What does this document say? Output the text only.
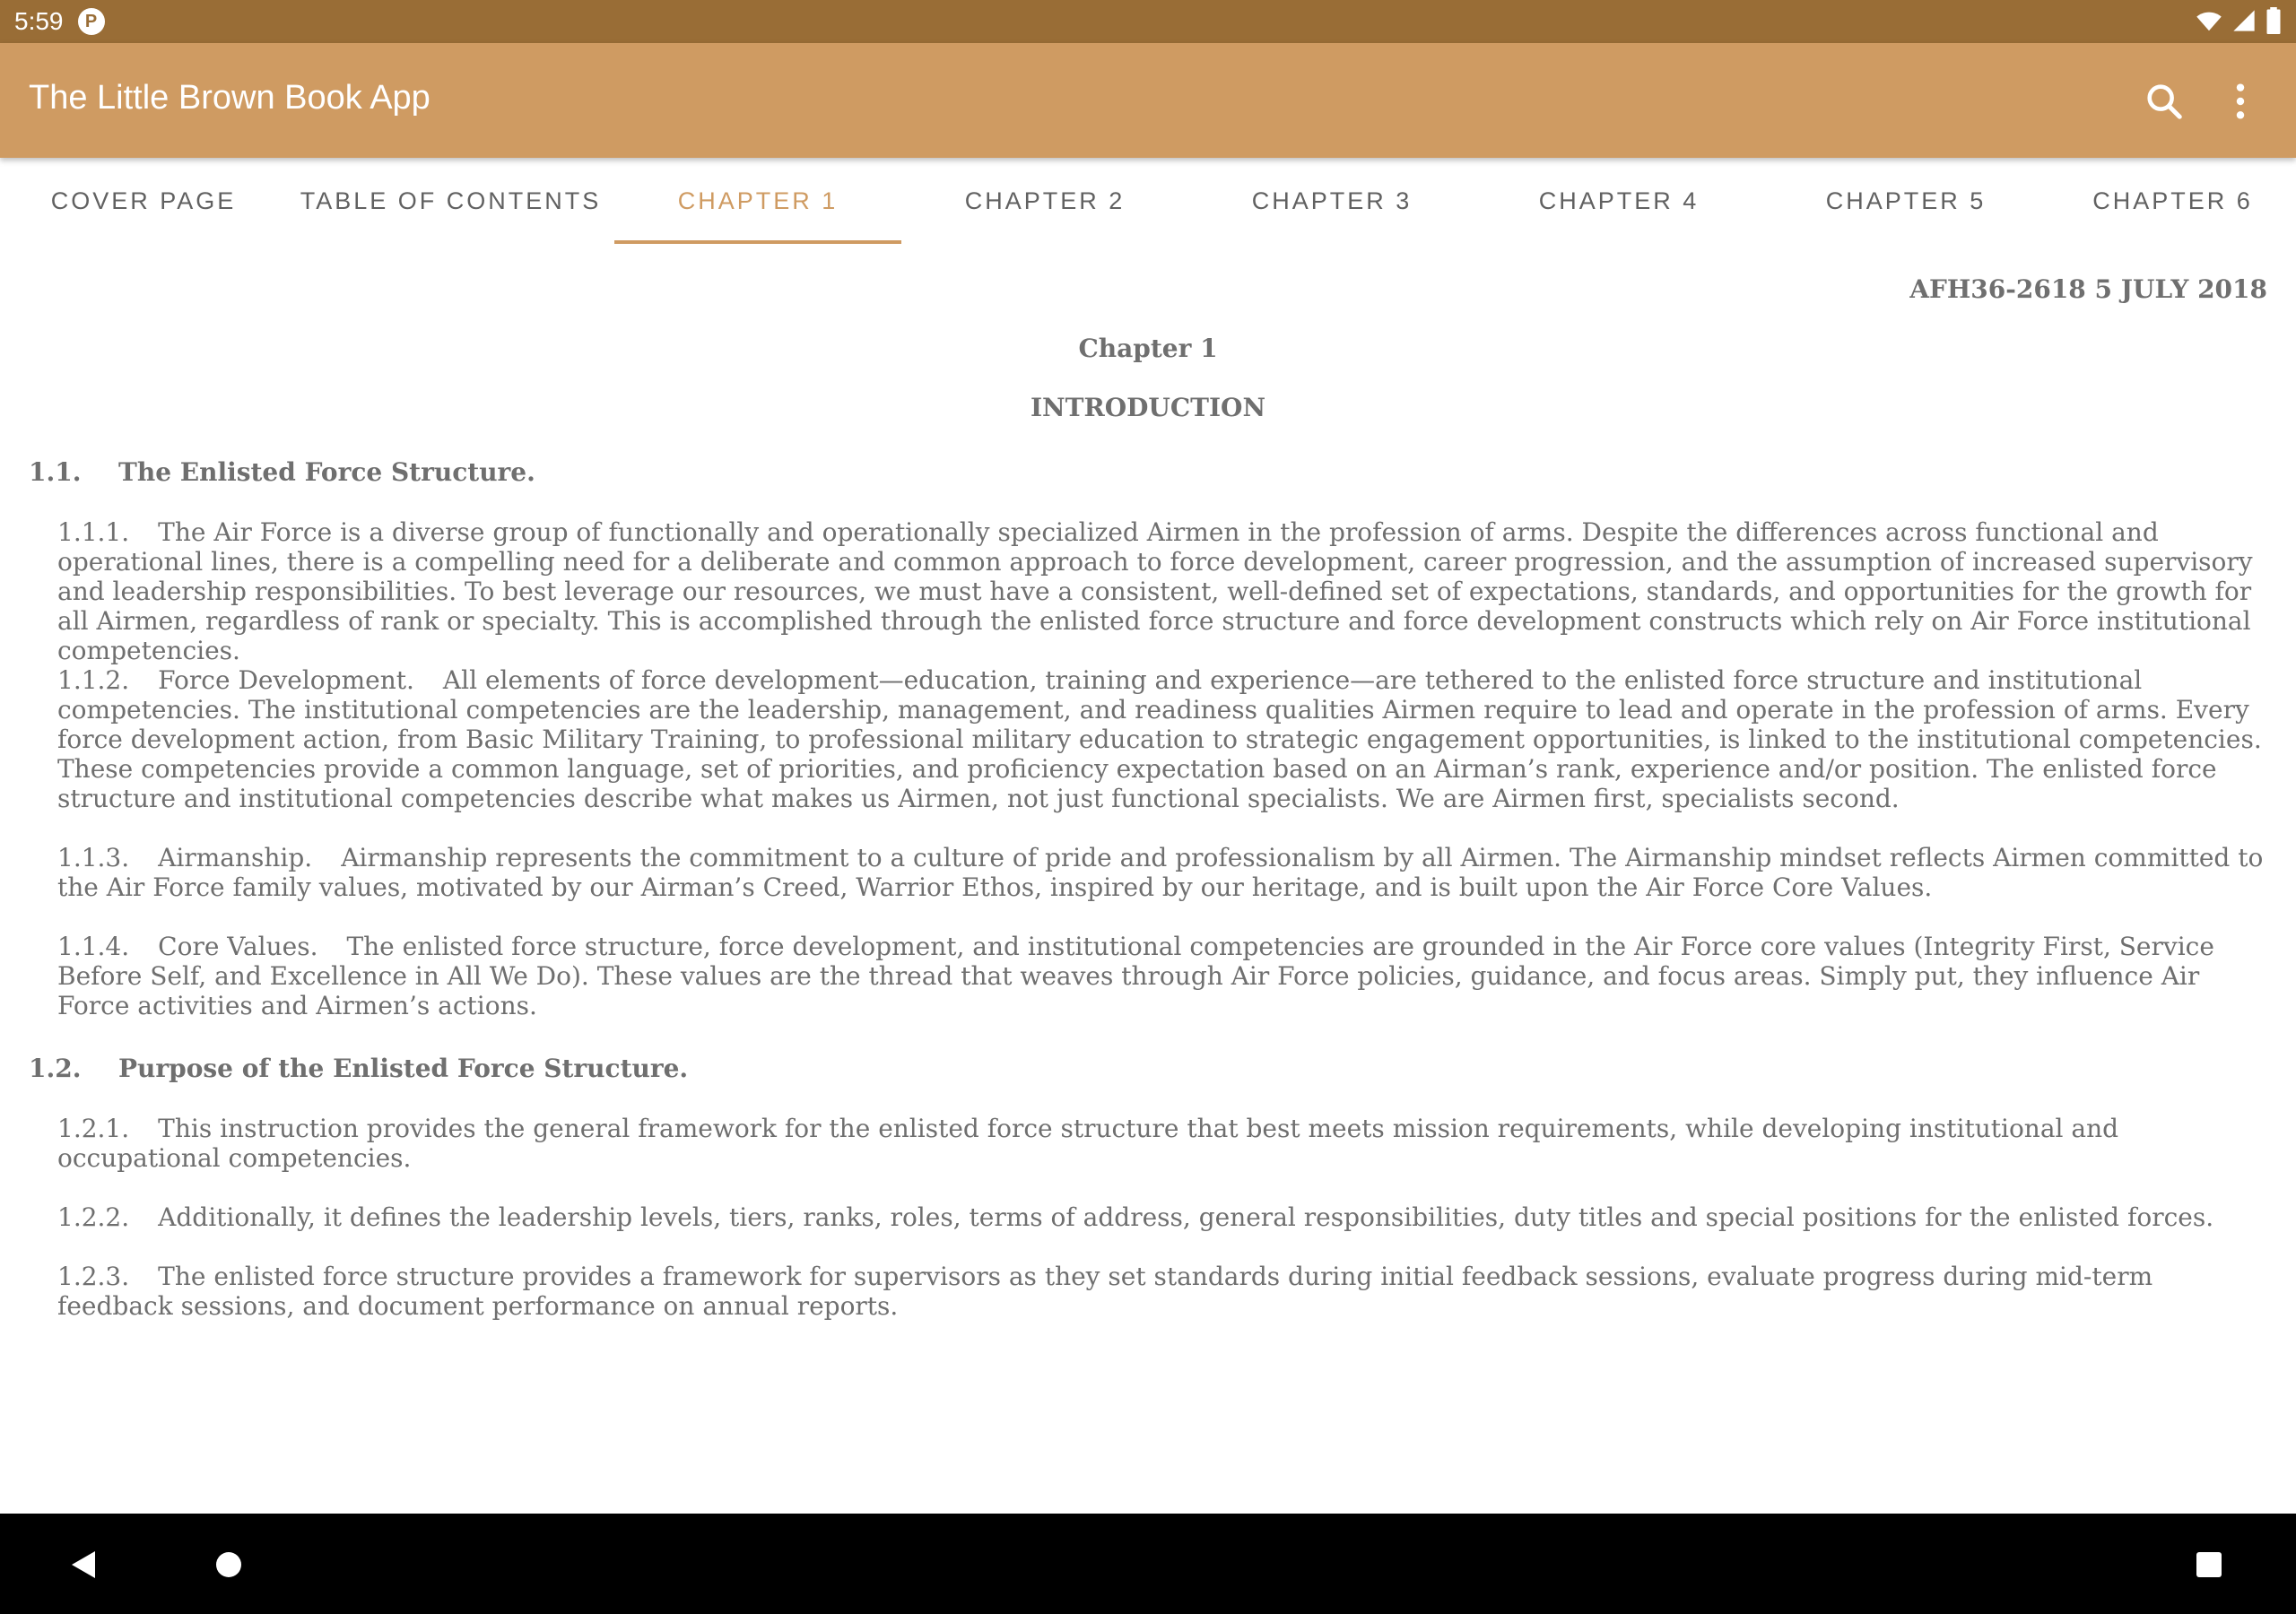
5:59	P
The Little Brown Book App
COVER PAGE	TABLE OF CONTENTS	CHAPTER 1	CHAPTER 2	CHAPTER 3	CHAPTER 4	CHAPTER 5	CHAPTER 6
AFH36-2618 5 JULY 2018
Chapter 1
INTRODUCTION
1.1. The Enlisted Force Structure.
1.1.1. The Air Force is a diverse group of functionally and operationally specialized Airmen in the profession of arms. Despite the differences across functional and operational lines, there is a compelling need for a deliberate and common approach to force development, career progression, and the assumption of increased supervisory and leadership responsibilities. To best leverage our resources, we must have a consistent, well-defined set of expectations, standards, and opportunities for the growth for all Airmen, regardless of rank or specialty. This is accomplished through the enlisted force structure and force development constructs which rely on Air Force institutional competencies.
1.1.2. Force Development. All elements of force development—education, training and experience—are tethered to the enlisted force structure and institutional competencies. The institutional competencies are the leadership, management, and readiness qualities Airmen require to lead and operate in the profession of arms. Every force development action, from Basic Military Training, to professional military education to strategic engagement opportunities, is linked to the institutional competencies. These competencies provide a common language, set of priorities, and proficiency expectation based on an Airman’s rank, experience and/or position. The enlisted force structure and institutional competencies describe what makes us Airmen, not just functional specialists. We are Airmen first, specialists second.
1.1.3. Airmanship. Airmanship represents the commitment to a culture of pride and professionalism by all Airmen. The Airmanship mindset reflects Airmen committed to the Air Force family values, motivated by our Airman’s Creed, Warrior Ethos, inspired by our heritage, and is built upon the Air Force Core Values.
1.1.4. Core Values. The enlisted force structure, force development, and institutional competencies are grounded in the Air Force core values (Integrity First, Service Before Self, and Excellence in All We Do). These values are the thread that weaves through Air Force policies, guidance, and focus areas. Simply put, they influence Air Force activities and Airmen’s actions.
1.2. Purpose of the Enlisted Force Structure.
1.2.1. This instruction provides the general framework for the enlisted force structure that best meets mission requirements, while developing institutional and occupational competencies.
1.2.2. Additionally, it defines the leadership levels, tiers, ranks, roles, terms of address, general responsibilities, duty titles and special positions for the enlisted forces.
1.2.3. The enlisted force structure provides a framework for supervisors as they set standards during initial feedback sessions, evaluate progress during mid-term feedback sessions, and document performance on annual reports.
